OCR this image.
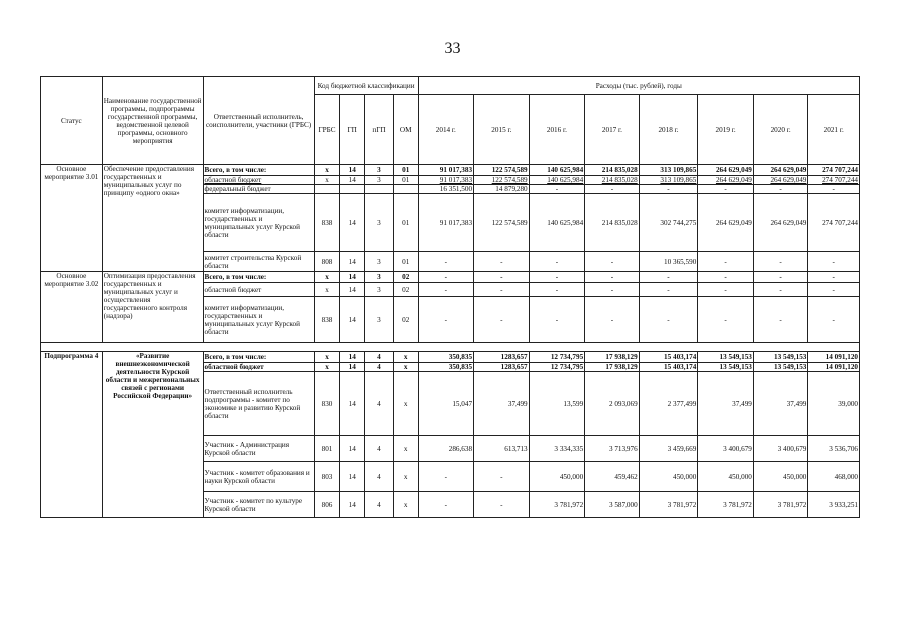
33
Статус	Наименование государственной программы, подпрограммы государственной программы, ведомственной целевой программы, основного мероприятия	Ответственный исполнитель, соисполнители, участники (ГРБС)	Код бюджетной классификации				Расходы (тыс. рублей), годы							
			ГРБС	ГП	пГП	ОМ	2014 г.	2015 г.	2016 г.	2017 г.	2018 г.	2019 г.	2020 г.	2021 г.
Основное мероприятие 3.01	Обеспечение предоставления государственных и муниципальных услуг по принципу «одного окна»	Всего, в том числе:	x	14	3	01	91 017,383	122 574,589	140 625,984	214 835,028	313 109,865	264 629,049	264 629,049	274 707,244
		областной бюджет	x	14	3	01	91 017,383	122 574,589	140 625,984	214 835,028	313 109,865	264 629,049	264 629,049	274 707,244
		федеральный бюджет					16 351,500	14 879,280	-	-	-	-	-	-
		комитет информатизации, государственных и муниципальных услуг Курской области	838	14	3	01	91 017,383	122 574,589	140 625,984	214 835,028	302 744,275	264 629,049	264 629,049	274 707,244
		комитет строительства Курской области	808	14	3	01	-	-	-	-	10 365,590	-	-	-
Основное мероприятие 3.02	Оптимизация предоставления государственных и муниципальных услуг и осуществления государственного контроля (надзора)	Всего, в том числе:	x	14	3	02	-	-	-	-	-	-	-	-
		областной бюджет	x	14	3	02	-	-	-	-	-	-	-	-
		комитет информатизации, государственных и муниципальных услуг Курской области	838	14	3	02	-	-	-	-	-	-	-	-

Подпрограмма 4	«Развитие внешнеэкономической деятельности Курской области и межрегиональных связей с регионами Российской Федерации»	Всего, в том числе:	x	14	4	x	350,835	1283,657	12 734,795	17 938,129	15 403,174	13 549,153	13 549,153	14 091,120
		областной бюджет	x	14	4	x	350,835	1283,657	12 734,795	17 938,129	15 403,174	13 549,153	13 549,153	14 091,120
		Ответственный исполнитель подпрограммы - комитет по экономике и развитию Курской области	830	14	4	x	15,047	37,499	13,599	2 093,069	2 377,499	37,499	37,499	39,000
		Участник - Администрация Курской области	801	14	4	x	286,638	613,713	3 334,335	3 713,976	3 459,669	3 400,679	3 400,679	3 536,706
		Участник - комитет образования и науки Курской области	803	14	4	x	-	-	450,000	459,462	450,000	450,000	450,000	468,000
		Участник - комитет по культуре Курской области	806	14	4	x	-	-	3 781,972	3 587,000	3 781,972	3 781,972	3 781,972	3 933,251
